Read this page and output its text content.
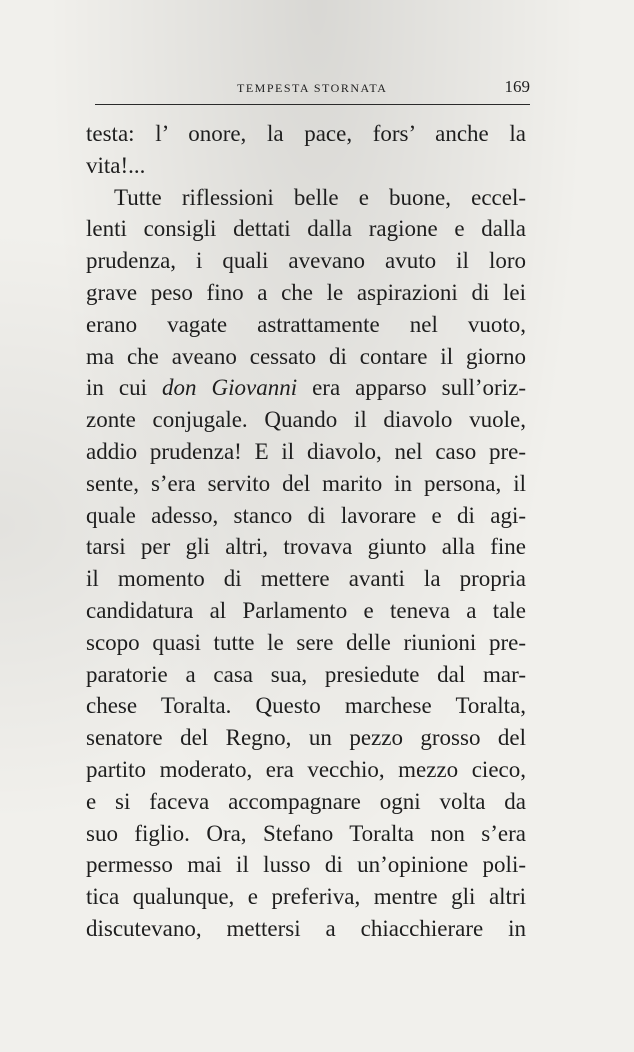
TEMPESTA STORNATA	169
testa: l’ onore, la pace, fors’ anche la
vita!...
Tutte riflessioni belle e buone, eccel-
lenti consigli dettati dalla ragione e dalla
prudenza, i quali avevano avuto il loro
grave peso fino a che le aspirazioni di lei
erano vagate astrattamente nel vuoto,
ma che aveano cessato di contare il giorno
in cui don Giovanni era apparso sull’oriz-
zonte conjugale. Quando il diavolo vuole,
addio prudenza! E il diavolo, nel caso pre-
sente, s’era servito del marito in persona, il
quale adesso, stanco di lavorare e di agi-
tarsi per gli altri, trovava giunto alla fine
il momento di mettere avanti la propria
candidatura al Parlamento e teneva a tale
scopo quasi tutte le sere delle riunioni pre-
paratorie a casa sua, presiedute dal mar-
chese Toralta. Questo marchese Toralta,
senatore del Regno, un pezzo grosso del
partito moderato, era vecchio, mezzo cieco,
e si faceva accompagnare ogni volta da
suo figlio. Ora, Stefano Toralta non s’era
permesso mai il lusso di un’opinione poli-
tica qualunque, e preferiva, mentre gli altri
discutevano, mettersi a chiacchierare in
